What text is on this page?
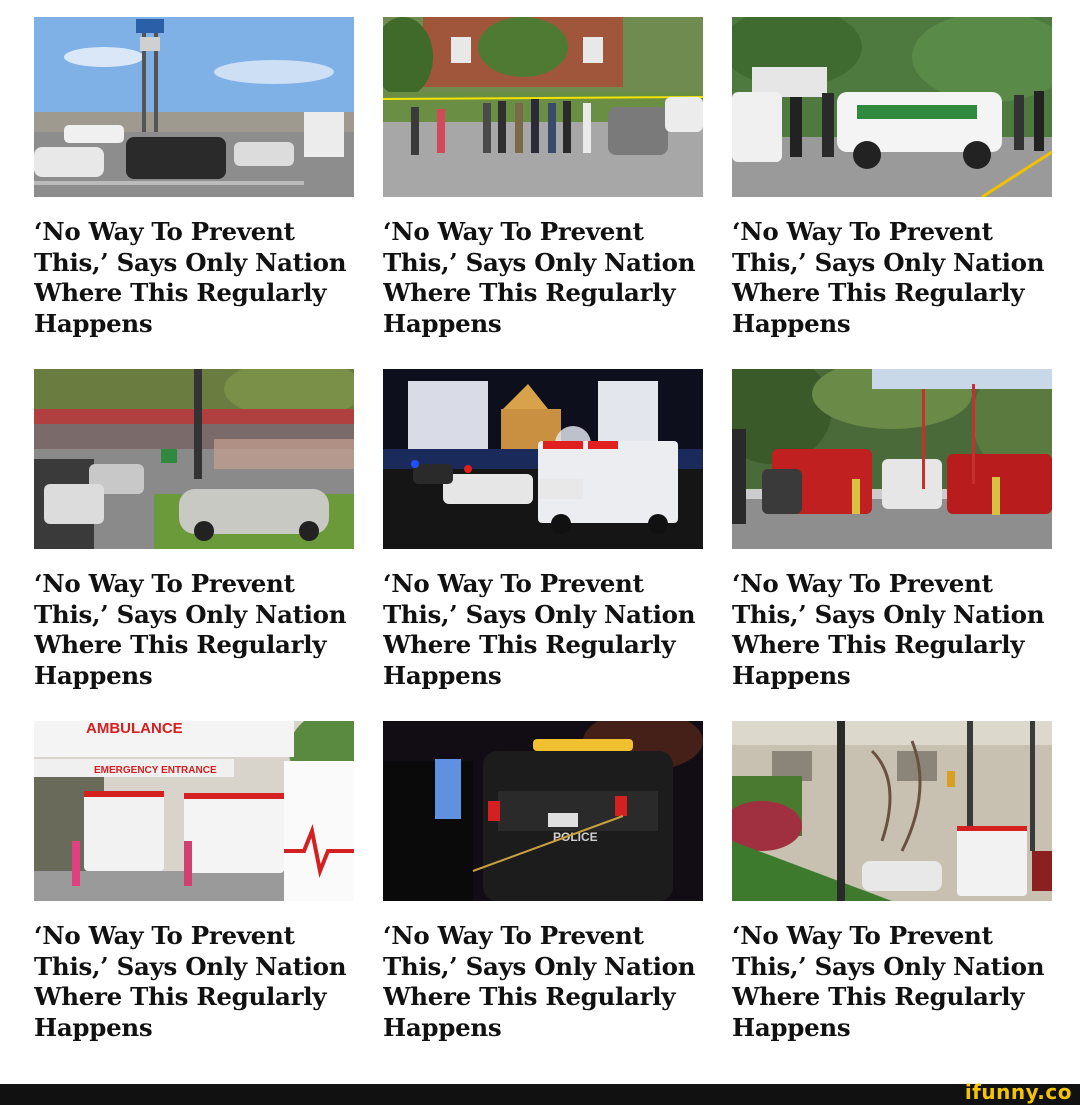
‘No Way To Prevent This,’ Says Only Nation Where This Regularly Happens
‘No Way To Prevent This,’ Says Only Nation Where This Regularly Happens
‘No Way To Prevent This,’ Says Only Nation Where This Regularly Happens
‘No Way To Prevent This,’ Says Only Nation Where This Regularly Happens
‘No Way To Prevent This,’ Says Only Nation Where This Regularly Happens
‘No Way To Prevent This,’ Says Only Nation Where This Regularly Happens
AMBULANCE
EMERGENCY ENTRANCE
‘No Way To Prevent This,’ Says Only Nation Where This Regularly Happens
POLICE
‘No Way To Prevent This,’ Says Only Nation Where This Regularly Happens
‘No Way To Prevent This,’ Says Only Nation Where This Regularly Happens
ifunny.co
